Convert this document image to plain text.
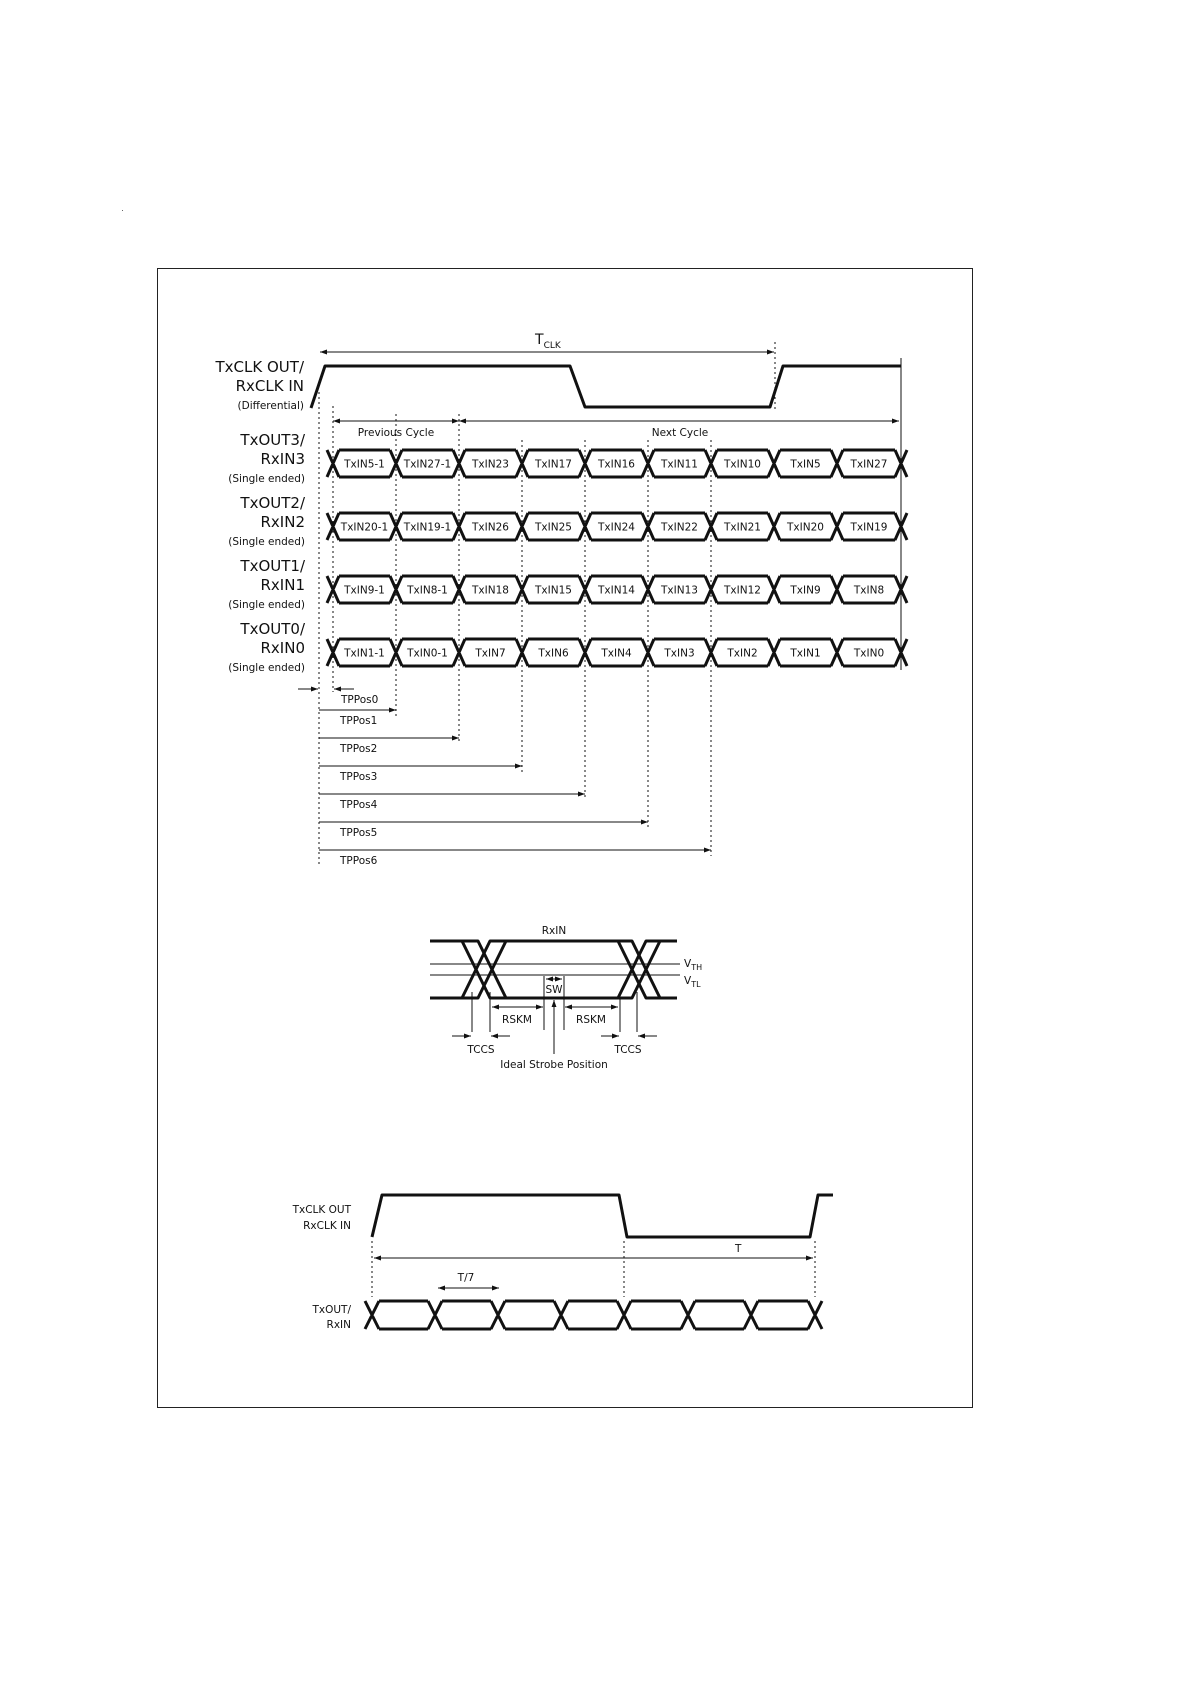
$T_{CLK}$
TxCLK OUT/
RxCLK IN
(Differential)
Previous Cycle	Next Cycle
TxIN5-1 TxIN27-1 TxIN23 TxIN17 TxIN16 TxIN11 TxIN10	TxIN5	TxIN27
TxOUT3/
RxIN3
(Single ended)
TxIN20-1 TxIN19-1 TxIN26 TxIN25 TxIN24 TxIN22 TxIN21 TxIN20	TxIN19
TxOUT2/
RxIN2
(Single ended)
TxIN9-1 TxIN8-1 TxIN18 TxIN15 TxIN14 TxIN13 TxIN12	TxIN9	TxIN8
TxOUT1/
RxIN1
(Single ended)
TxIN1-1 TxIN0-1	TxIN7	TxIN6	TxIN4	TxIN3	TxIN2	TxIN1	TxIN0
TxOUT0/
RxIN0
(Single ended)
TPPos0
TPPos1
TPPos2
TPPos3
TPPos4
TPPos5
TPPos6
RxIN
$V_{TH}$
$V_{TL}$
SW
RSKM	RSKM
TCCS	TCCS
Ideal Strobe Position
TxCLK OUT
RxCLK IN
T
T/7
TxOUT/
RxIN
